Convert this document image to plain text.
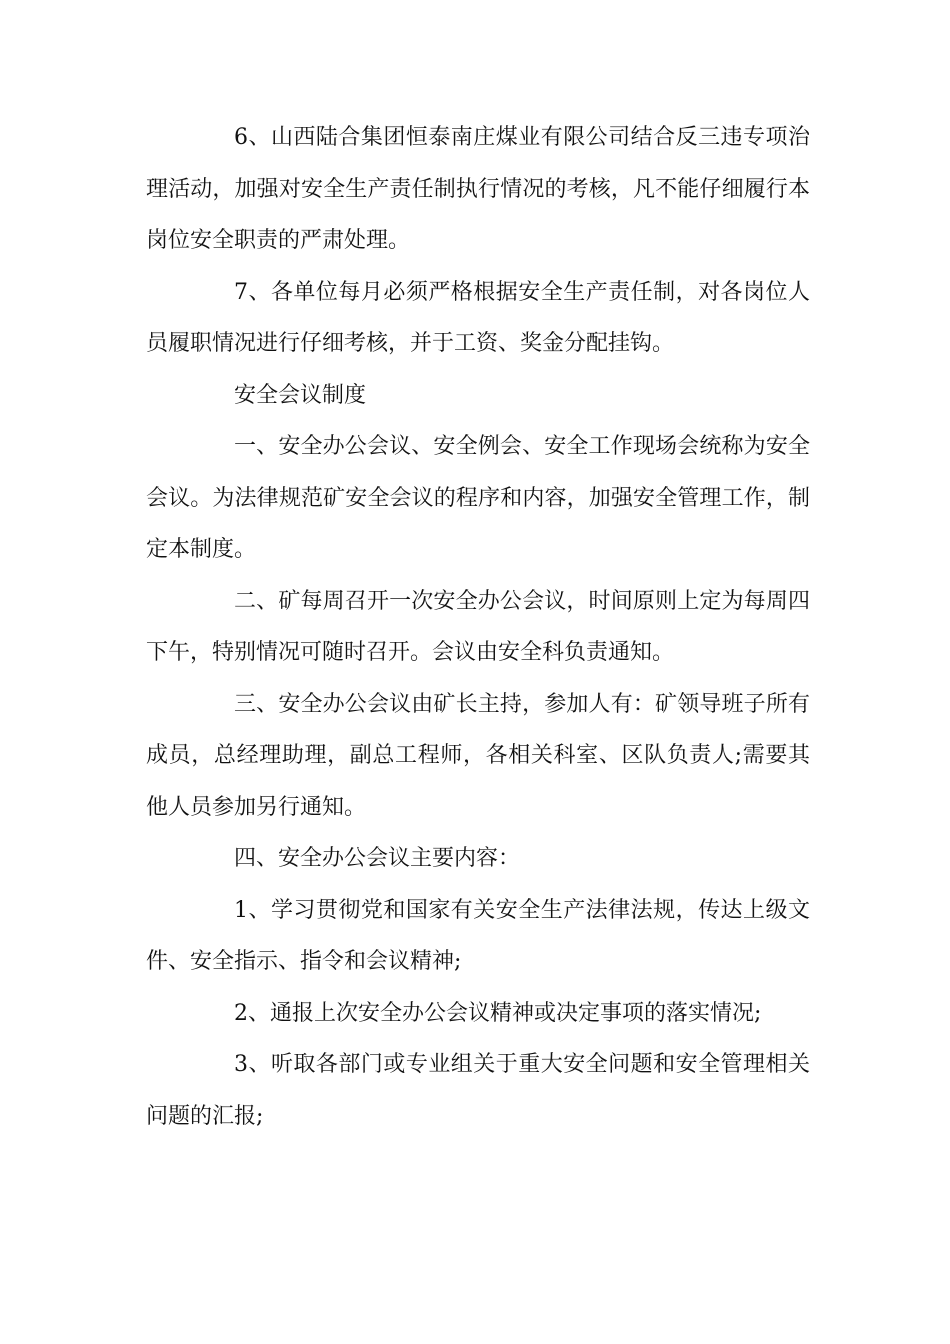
6、山西陆合集团恒泰南庄煤业有限公司结合反三违专项治理活动，加强对安全生产责任制执行情况的考核，凡不能仔细履行本岗位安全职责的严肃处理。

7、各单位每月必须严格根据安全生产责任制，对各岗位人员履职情况进行仔细考核，并于工资、奖金分配挂钩。

安全会议制度

一、安全办公会议、安全例会、安全工作现场会统称为安全会议。为法律规范矿安全会议的程序和内容，加强安全管理工作，制定本制度。

二、矿每周召开一次安全办公会议，时间原则上定为每周四下午，特别情况可随时召开。会议由安全科负责通知。

三、安全办公会议由矿长主持，参加人有：矿领导班子所有成员，总经理助理，副总工程师，各相关科室、区队负责人;需要其他人员参加另行通知。

四、安全办公会议主要内容：

1、学习贯彻党和国家有关安全生产法律法规，传达上级文件、安全指示、指令和会议精神;

2、通报上次安全办公会议精神或决定事项的落实情况;

3、听取各部门或专业组关于重大安全问题和安全管理相关问题的汇报;
